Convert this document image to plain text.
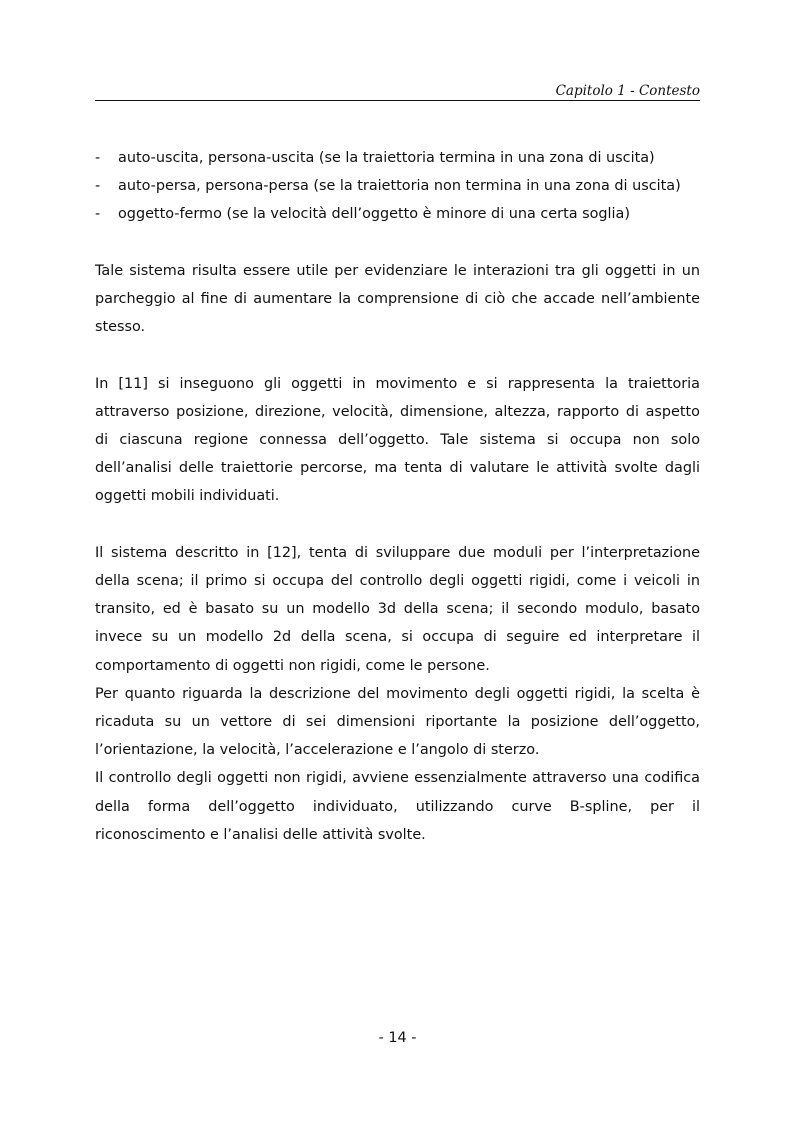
Capitolo 1 - Contesto
- auto-uscita, persona-uscita (se la traiettoria termina in una zona di uscita)
- auto-persa, persona-persa (se la traiettoria non termina in una zona di uscita)
- oggetto-fermo (se la velocità dell’oggetto è minore di una certa soglia)

Tale sistema risulta essere utile per evidenziare le interazioni tra gli oggetti in un parcheggio al fine di aumentare la comprensione di ciò che accade nell’ambiente stesso.

In [11] si inseguono gli oggetti in movimento e si rappresenta la traiettoria attraverso posizione, direzione, velocità, dimensione, altezza, rapporto di aspetto di ciascuna regione connessa dell’oggetto. Tale sistema si occupa non solo dell’analisi delle traiettorie percorse, ma tenta di valutare le attività svolte dagli oggetti mobili individuati.

Il sistema descritto in [12], tenta di sviluppare due moduli per l’interpretazione della scena; il primo si occupa del controllo degli oggetti rigidi, come i veicoli in transito, ed è basato su un modello 3d della scena; il secondo modulo, basato invece su un modello 2d della scena, si occupa di seguire ed interpretare il comportamento di oggetti non rigidi, come le persone.

Per quanto riguarda la descrizione del movimento degli oggetti rigidi, la scelta è ricaduta su un vettore di sei dimensioni riportante la posizione dell’oggetto, l’orientazione, la velocità, l’accelerazione e l’angolo di sterzo.

Il controllo degli oggetti non rigidi, avviene essenzialmente attraverso una codifica della forma dell’oggetto individuato, utilizzando curve B-spline, per il riconoscimento e l’analisi delle attività svolte.

- 14 -
